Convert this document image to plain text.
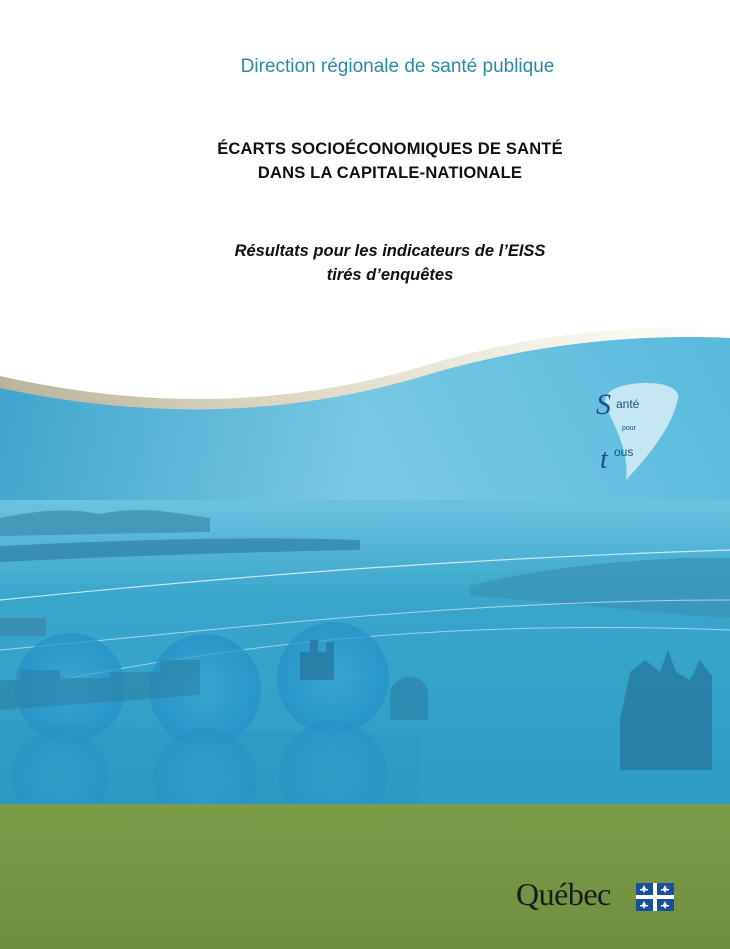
Direction régionale de santé publique
ÉCARTS SOCIOÉCONOMIQUES DE SANTÉ
DANS LA CAPITALE-NATIONALE
Résultats pour les indicateurs de l’EISS
tirés d’enquêtes
S anté
pour
t ous
Québec
